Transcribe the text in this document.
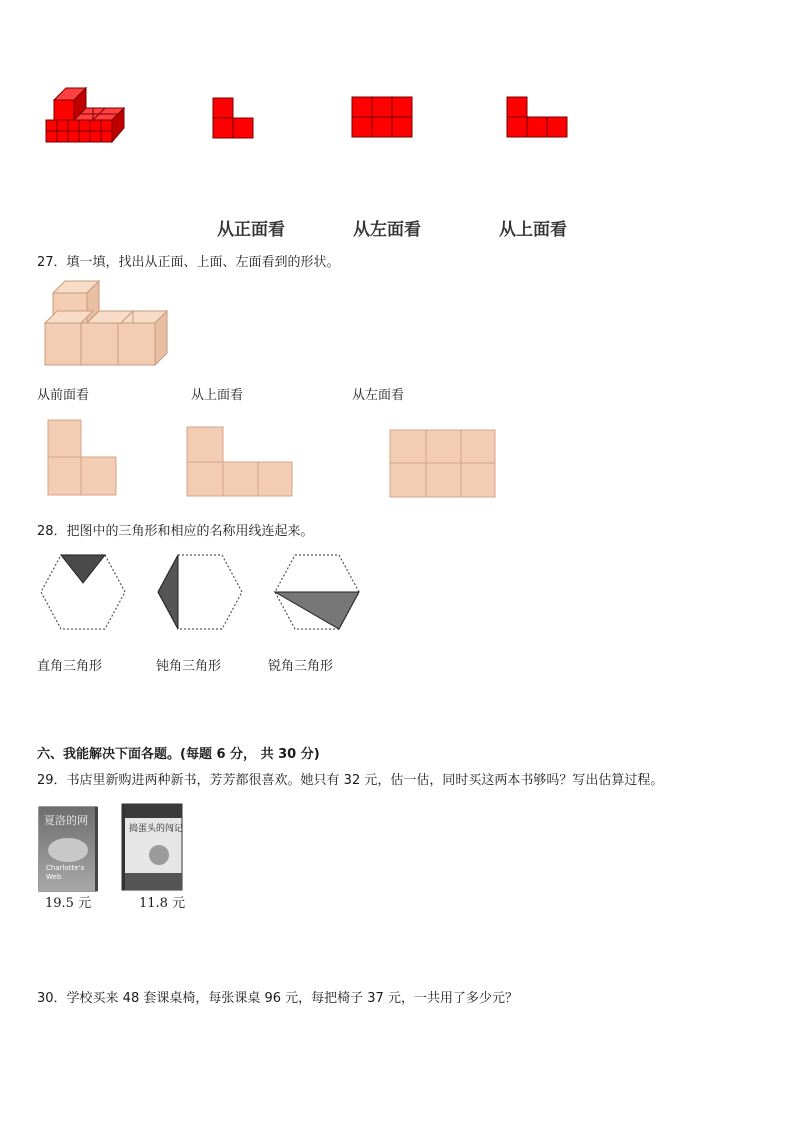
从正面看	从左面看	从上面看
27．填一填，找出从正面、上面、左面看到的形状。
从前面看	从上面看	从左面看
28．把图中的三角形和相应的名称用线连起来。
直角三角形	钝角三角形	锐角三角形
六、我能解决下面各题。(每题 6 分， 共 30 分)
29．书店里新购进两种新书，芳芳都很喜欢。她只有 32 元，估一估，同时买这两本书够吗？写出估算过程。
夏洛的网
Charlotte's Web
捣蛋头的闯记
19.5 元	11.8 元
30．学校买来 48 套课桌椅，每张课桌 96 元，每把椅子 37 元，一共用了多少元？
